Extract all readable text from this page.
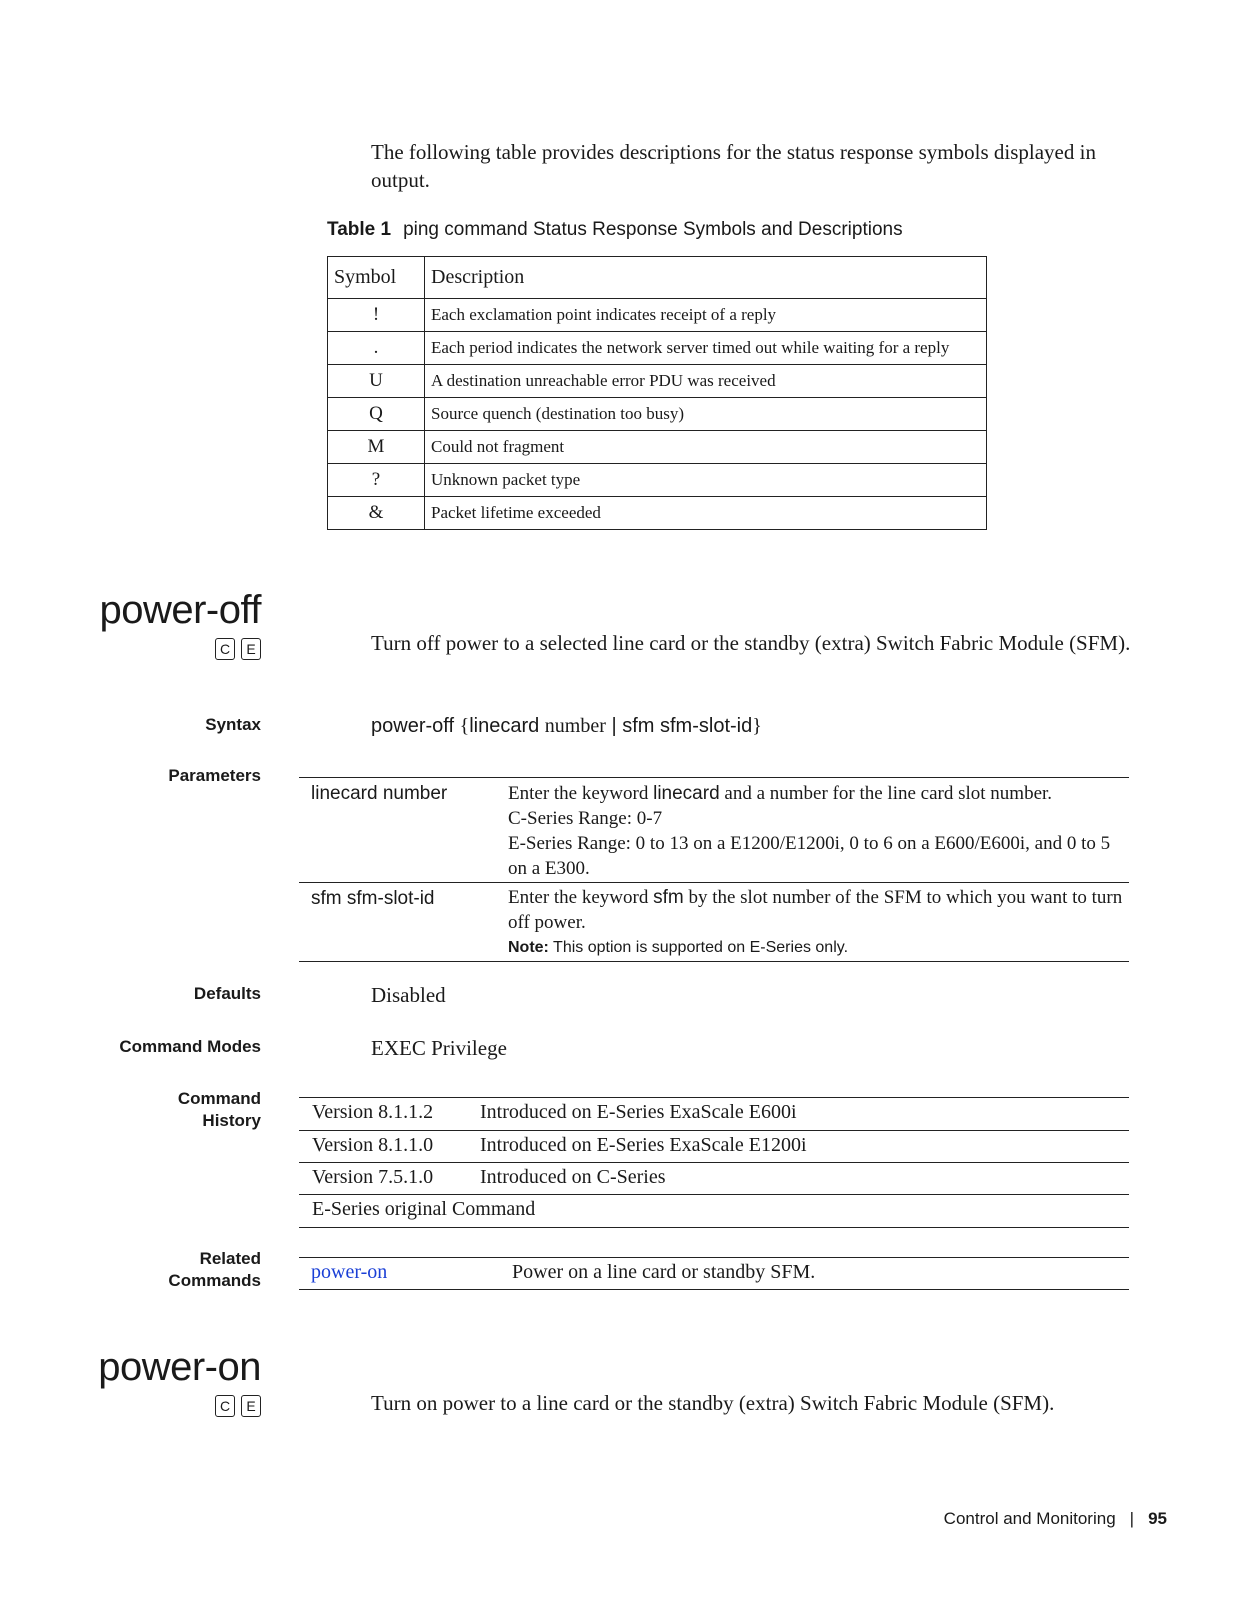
The following table provides descriptions for the status response symbols displayed in output.
Table 1 ping command Status Response Symbols and Descriptions
Symbol	Description
!	Each exclamation point indicates receipt of a reply
.	Each period indicates the network server timed out while waiting for a reply
U	A destination unreachable error PDU was received
Q	Source quench (destination too busy)
M	Could not fragment
?	Unknown packet type
&	Packet lifetime exceeded
power-off
C	E	Turn off power to a selected line card or the standby (extra) Switch Fabric Module (SFM).
Syntax	power-off {linecard number | sfm sfm-slot-id}
Parameters
linecard number	Enter the keyword linecard and a number for the line card slot number.
C-Series Range: 0-7
E-Series Range: 0 to 13 on a E1200/E1200i, 0 to 6 on a E600/E600i, and 0 to 5 on a E300.
sfm sfm-slot-id	Enter the keyword sfm by the slot number of the SFM to which you want to turn off power.
Note: This option is supported on E-Series only.
Defaults	Disabled
Command Modes	EXEC Privilege
Command
History	Version 8.1.1.2 Introduced on E-Series ExaScale E600i
Version 8.1.1.0 Introduced on E-Series ExaScale E1200i
Version 7.5.1.0 Introduced on C-Series
E-Series original Command
Related
Commands	power-on	Power on a line card or standby SFM.
power-on
C	E	Turn on power to a line card or the standby (extra) Switch Fabric Module (SFM).
Control and Monitoring | 95
